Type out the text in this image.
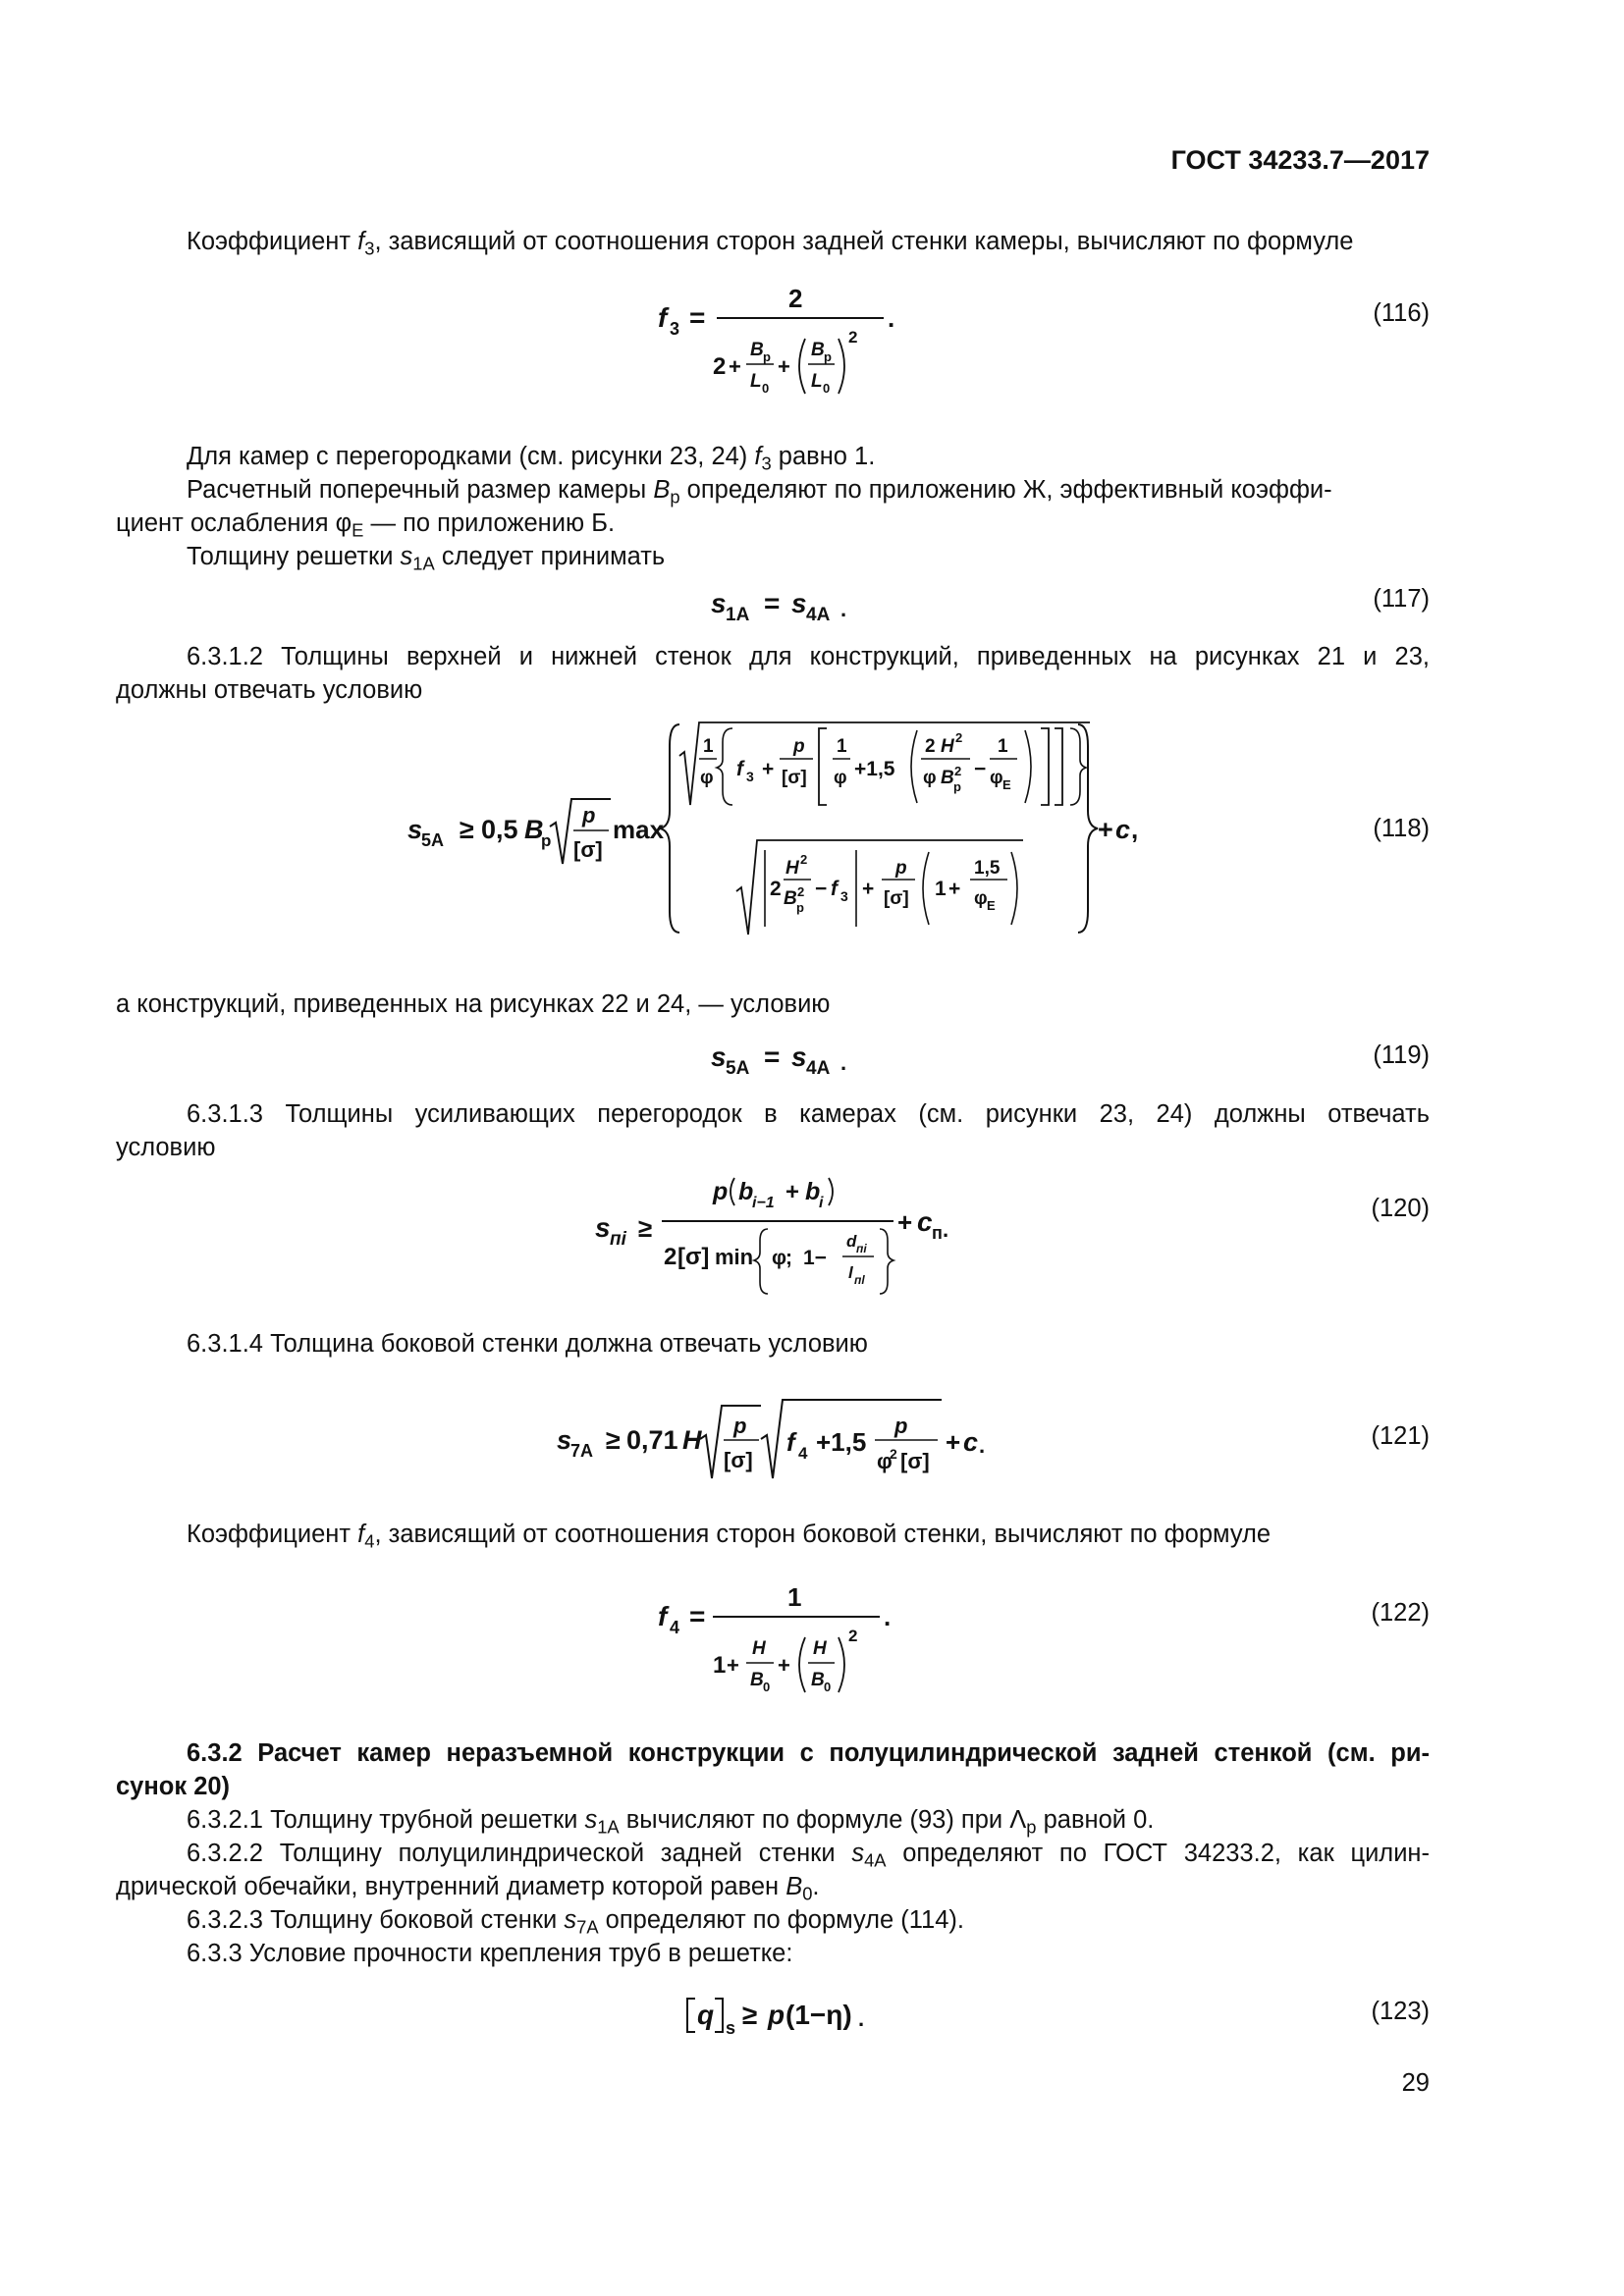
ГОСТ 34233.7—2017
Коэффициент $f_3$, зависящий от соотношения сторон задней стенки камеры, вычисляют по формуле
f 3 =
2
.
2 +
B р
L 0
+
B р
L 0
2
(116)
Для камер с перегородками (см. рисунки 23, 24) $f_3$ равно 1.
Расчетный поперечный размер камеры $B_р$ определяют по приложению Ж, эффективный коэффи-
циент ослабления $\varphi_E$ — по приложению Б.
Толщину решетки $s_{1A}$ следует принимать
s 1A = s 4A .	(117)
6.3.1.2 Толщины верхней и нижней стенок для конструкций, приведенных на рисунках 21 и 23,
должны отвечать условию
s
5A ≥ 0,5 B
р
p
[σ]
max
1
φ f 3 +
p
[σ]
1
φ +1,5
2 H 2
φ B 2
р
−
1
φ E
2
H 2
B 2
р
− f 3 +
p
[σ] 1 +
1,5
φ E
+ c ,	(118)
а конструкций, приведенных на рисунках 22 и 24, — условию
s 5A = s 4A .	(119)
6.3.1.3 Толщины усиливающих перегородок в камерах (см. рисунки 23, 24) должны отвечать
условию
s пi ≥
p b
i−1 + b
i
2 [σ] min φ
; 1−
d пi
l пl
+ c п .
(120)
6.3.1.4 Толщина боковой стенки должна отвечать условию
s
7A ≥ 0,71 H p
[σ]
f 4 +1,5
p
φ
2 [σ]
+ c .	(121)
Коэффициент $f_4$, зависящий от соотношения сторон боковой стенки, вычисляют по формуле
f 4 =
1
.
1 +
H
B 0
+
H
B 0
2
(122)
6.3.2 Расчет камер неразъемной конструкции с полуцилиндрической задней стенкой (см. ри-
сунок 20)
6.3.2.1 Толщину трубной решетки $s_{1A}$ вычисляют по формуле (93) при $\Lambda_р$ равной 0.
6.3.2.2 Толщину полуцилиндрической задней стенки $s_{4A}$ определяют по ГОСТ 34233.2, как цилин-
дрической обечайки, внутренний диаметр которой равен $B_0$.
6.3.2.3 Толщину боковой стенки $s_{7A}$ определяют по формуле (114).
6.3.3 Условие прочности крепления труб в решетке:
q s ≥ p (1−η) .	(123)
29
